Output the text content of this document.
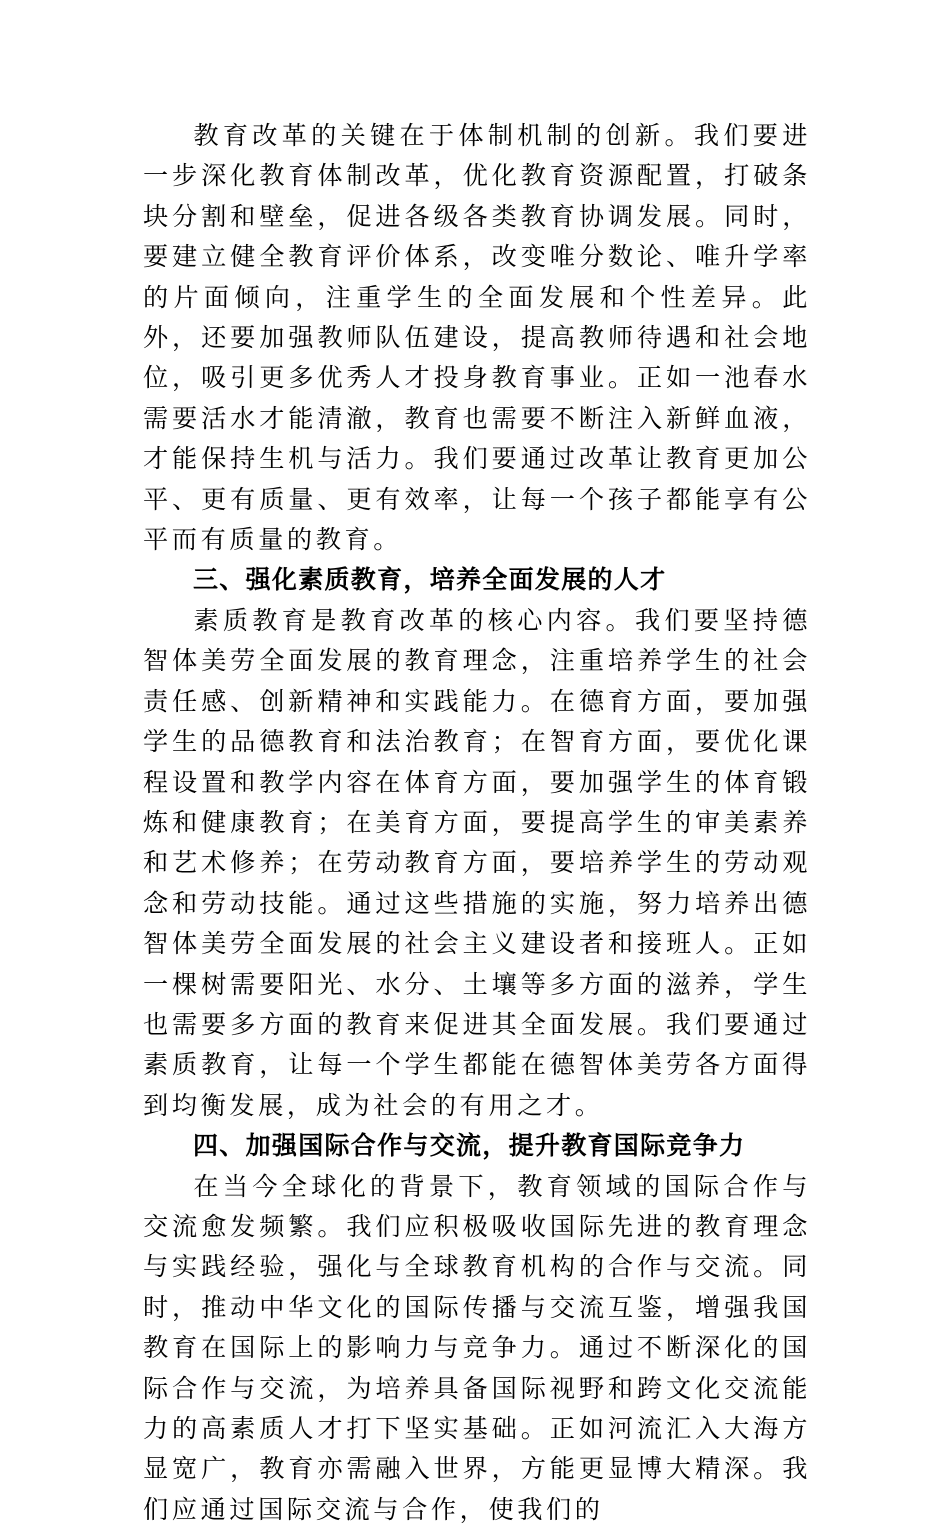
教育改革的关键在于体制机制的创新。我们要进一步深化教育体制改革，优化教育资源配置，打破条块分割和壁垒，促进各级各类教育协调发展。同时，要建立健全教育评价体系，改变唯分数论、唯升学率的片面倾向，注重学生的全面发展和个性差异。此外，还要加强教师队伍建设，提高教师待遇和社会地位，吸引更多优秀人才投身教育事业。正如一池春水需要活水才能清澈，教育也需要不断注入新鲜血液，才能保持生机与活力。我们要通过改革让教育更加公平、更有质量、更有效率，让每一个孩子都能享有公平而有质量的教育。

三、强化素质教育，培养全面发展的人才

素质教育是教育改革的核心内容。我们要坚持德智体美劳全面发展的教育理念，注重培养学生的社会责任感、创新精神和实践能力。在德育方面，要加强学生的品德教育和法治教育；在智育方面，要优化课程设置和教学内容在体育方面，要加强学生的体育锻炼和健康教育；在美育方面，要提高学生的审美素养和艺术修养；在劳动教育方面，要培养学生的劳动观念和劳动技能。通过这些措施的实施，努力培养出德智体美劳全面发展的社会主义建设者和接班人。正如一棵树需要阳光、水分、土壤等多方面的滋养，学生也需要多方面的教育来促进其全面发展。我们要通过素质教育，让每一个学生都能在德智体美劳各方面得到均衡发展，成为社会的有用之才。

四、加强国际合作与交流，提升教育国际竞争力

在当今全球化的背景下，教育领域的国际合作与交流愈发频繁。我们应积极吸收国际先进的教育理念与实践经验，强化与全球教育机构的合作与交流。同时，推动中华文化的国际传播与交流互鉴，增强我国教育在国际上的影响力与竞争力。通过不断深化的国际合作与交流，为培养具备国际视野和跨文化交流能力的高素质人才打下坚实基础。正如河流汇入大海方显宽广，教育亦需融入世界，方能更显博大精深。我们应通过国际交流与合作，使我们的
